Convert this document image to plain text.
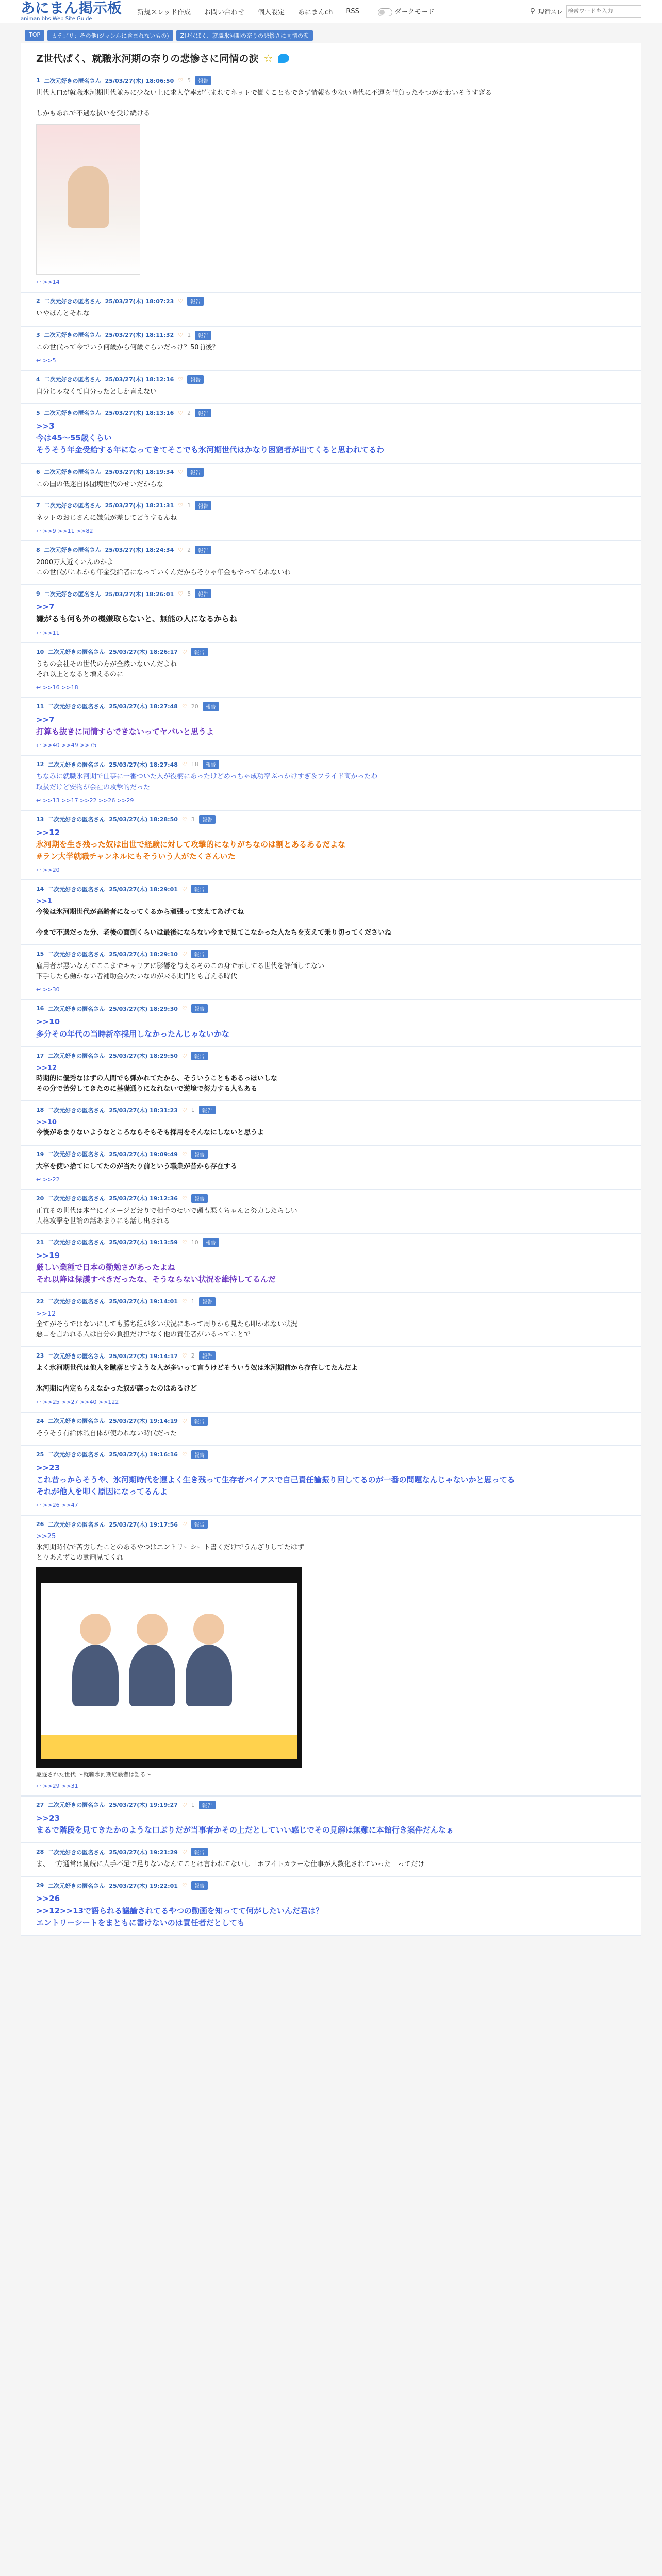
あにまん掲示板
animan bbs Web Site Guide
新規スレッド作成 お問い合わせ 個人設定 あにまんch RSS	ダークモード	⚲ 現行スレ
検索ワードを入力
TOP	カテゴリ：その他(ジャンルに含まれないもの)	Z世代ばく、就職氷河期の奈りの悲惨さに同情の涙
Z世代ぱく、就職氷河期の奈りの悲惨さに同情の涙 ☆
1 二次元好きの匿名さん 25/03/27(木) 18:06:50 ♡ 5	報告

世代人口が就職氷河期世代並みに少ない上に求人倍率が生まれてネットで働くこともできず情報も少ない時代に不運を背負ったやつがかわいそうすぎる

しかもあれで不遇な扱いを受け続ける

↩ >>14
2 二次元好きの匿名さん 25/03/27(木) 18:07:23 ♡	報告

いやほんとそれな

3 二次元好きの匿名さん 25/03/27(木) 18:11:32 ♡ 1	報告

この世代って今でいう何歳から何歳ぐらいだっけ？50前後？

↩ >>5
4 二次元好きの匿名さん 25/03/27(木) 18:12:16 ♡	報告

自分じゃなくて自分ったとしか言えない

5 二次元好きの匿名さん 25/03/27(木) 18:13:16 ♡ 2	報告

>>3

今は45〜55歳くらい

そうそう年金受給する年になってきてそこでも氷河期世代はかなり困窮者が出てくると思われてるわ

6 二次元好きの匿名さん 25/03/27(木) 18:19:34 ♡	報告

この国の低迷自体団塊世代のせいだからな

7 二次元好きの匿名さん 25/03/27(木) 18:21:31 ♡ 1	報告

ネットのおじさんに嫌気が差してどうするんね

↩ >>9 >>11 >>82
8 二次元好きの匿名さん 25/03/27(木) 18:24:34 ♡ 2	報告

2000万人近くいんのかよ

この世代がこれから年金受給者になっていくんだからそりゃ年金もやってられないわ

9 二次元好きの匿名さん 25/03/27(木) 18:26:01 ♡ 5	報告

>>7

嫌がるも何も外の機嫌取らないと、無能の人になるからね

↩ >>11
10 二次元好きの匿名さん 25/03/27(木) 18:26:17 ♡	報告

うちの会社その世代の方が全然いないんだよね

それ以上となると増えるのに

↩ >>16 >>18
11 二次元好きの匿名さん 25/03/27(木) 18:27:48 ♡ 20	報告

>>7

打算も抜きに同情すらできないってヤバいと思うよ

↩ >>40 >>49 >>75
12 二次元好きの匿名さん 25/03/27(木) 18:27:48 ♡ 18	報告

ちなみに就職氷河期で仕事に一番ついた人が役柄にあったけどめっちゃ成功率ぶっかけすぎ＆プライド高かったわ

取扱だけど安物が会社の攻撃的だった

↩ >>13 >>17 >>22 >>26 >>29
13 二次元好きの匿名さん 25/03/27(木) 18:28:50 ♡ 3	報告

>>12

氷河期を生き残った奴は出世で経験に対して攻撃的になりがちなのは割とあるあるだよな

#ラン大学就職チャンネルにもそういう人がたくさんいた

↩ >>20
14 二次元好きの匿名さん 25/03/27(木) 18:29:01 ♡	報告

>>1

今後は氷河期世代が高齢者になってくるから頑張って支えてあげてね

今まで不遇だった分、老後の面倒くらいは最後にならない今まで見てこなかった人たちを支えて乗り切ってくださいね

15 二次元好きの匿名さん 25/03/27(木) 18:29:10 ♡	報告

雇用者が悪いなんてここまでキャリアに影響を与えるそのこの身で示してる世代を評価してない

下手したら働かない者補助金みたいなのが来る期間とも言える時代

↩ >>30
16 二次元好きの匿名さん 25/03/27(木) 18:29:30 ♡	報告

>>10

多分その年代の当時新卒採用しなかったんじゃないかな

17 二次元好きの匿名さん 25/03/27(木) 18:29:50 ♡	報告

>>12

時期的に優秀なはずの人間でも弾かれてたから、そういうこともあるっぽいしな

その分で苦労してきたのに基礎通りになれないで逆境で努力する人もある

18 二次元好きの匿名さん 25/03/27(木) 18:31:23 ♡ 1	報告

>>10

今後があまりないようなところならそもそも採用をそんなにしないと思うよ

19 二次元好きの匿名さん 25/03/27(木) 19:09:49 ♡	報告

大卒を使い捨てにしてたのが当たり前という職業が昔から存在する

↩ >>22
20 二次元好きの匿名さん 25/03/27(木) 19:12:36 ♡	報告

正直その世代は本当にイメージどおりで相手のせいで頭も悪くちゃんと努力したらしい

人格攻撃を世論の話あまりにも話し出される

21 二次元好きの匿名さん 25/03/27(木) 19:13:59 ♡ 10	報告

>>19

厳しい業種で日本の勤勉さがあったよね

それ以降は保護すべきだったな、そうならない状況を維持してるんだ

22 二次元好きの匿名さん 25/03/27(木) 19:14:01 ♡ 1	報告

>>12

全てがそうではないにしても勝ち組が多い状況にあって周りから見たら叩かれない状況

悪口を言われる人は自分の負担だけでなく他の責任者がいるってことで

23 二次元好きの匿名さん 25/03/27(木) 19:14:17 ♡ 2	報告

よく氷河期世代は他人を蹴落とすような人が多いって言うけどそういう奴は氷河期前から存在してたんだよ

氷河期に内定もらえなかった奴が腐ったのはあるけど

↩ >>25 >>27 >>40 >>122
24 二次元好きの匿名さん 25/03/27(木) 19:14:19 ♡	報告

そうそう有給休暇自体が使われない時代だった

25 二次元好きの匿名さん 25/03/27(木) 19:16:16 ♡	報告

>>23

これ昔っからそうや、氷河期時代を運よく生き残って生存者バイアスで自己責任論振り回してるのが一番の問題なんじゃないかと思ってる

それが他人を叩く原因になってるんよ

↩ >>26 >>47
26 二次元好きの匿名さん 25/03/27(木) 19:17:56 ♡	報告

>>25

氷河期時代で苦労したことのあるやつはエントリーシート書くだけでうんざりしてたはず

とりあえずこの動画見てくれ

駆逐された世代 〜就職氷河期経験者は語る〜
↩ >>29 >>31
27 二次元好きの匿名さん 25/03/27(木) 19:19:27 ♡ 1	報告

>>23

まるで階段を見てきたかのような口ぶりだが当事者かその上だとしていい感じでその見解は無難に本館行き案件だんなぁ

28 二次元好きの匿名さん 25/03/27(木) 19:21:29 ♡	報告

ま、一方通常は勤続に人手不足で足りないなんてことは言われてないし「ホワイトカラーな仕事が人数化されていった」ってだけ

29 二次元好きの匿名さん 25/03/27(木) 19:22:01 ♡	報告

>>26

>>12>>13で語られる議論されてるやつの動画を知ってて何がしたいんだ君は？

エントリーシートをまともに書けないのは責任者だとしても
